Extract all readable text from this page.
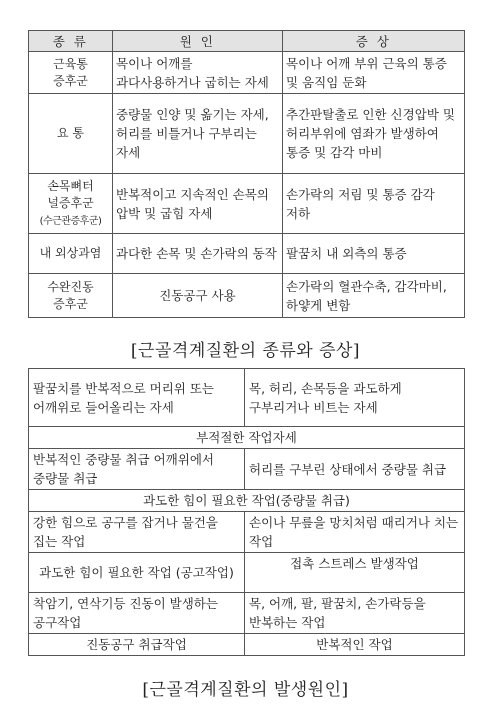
종 류	원 인	증 상
근육통
증후군	목이나 어깨를 과다사용하거나 굽히는 자세	목이나 어깨 부위 근육의 통증 및 움직임 둔화
요 통	중량물 인양 및 옮기는 자세, 허리를 비틀거나 구부리는 자세	추간판탈출로 인한 신경압박 및 허리부위에 염좌가 발생하여 통증 및 감각 마비
손목뼈터
널증후군
(수근관증후군)	반복적이고 지속적인 손목의 압박 및 굽힘 자세	손가락의 저림 및 통증 감각 저하
내 외상과염	과다한 손목 및 손가락의 동작	팔꿈치 내 외측의 통증
수완진동
증후군	진동공구 사용	손가락의 혈관수축, 감각마비, 하얗게 변함
[근골격계질환의 종류와 증상]
팔꿈치를 반복적으로 머리위 또는 어깨위로 들어올리는 자세	목, 허리, 손목등을 과도하게 구부리거나 비트는 자세
부적절한 작업자세	
반복적인 중량물 취급 어깨위에서 중량물 취급	허리를 구부린 상태에서 중량물 취급
과도한 힘이 필요한 작업(중량물 취급)	
강한 힘으로 공구를 잡거나 물건을 집는 작업	손이나 무릎을 망치처럼 때리거나 치는 작업
과도한 힘이 필요한 작업 (공고작업)	접촉 스트레스 발생작업
착암기, 연삭기등 진동이 발생하는 공구작업	목, 어깨, 팔, 팔꿈치, 손가락등을 반복하는 작업
진동공구 취급작업	반복적인 작업
[근골격계질환의 발생원인]
